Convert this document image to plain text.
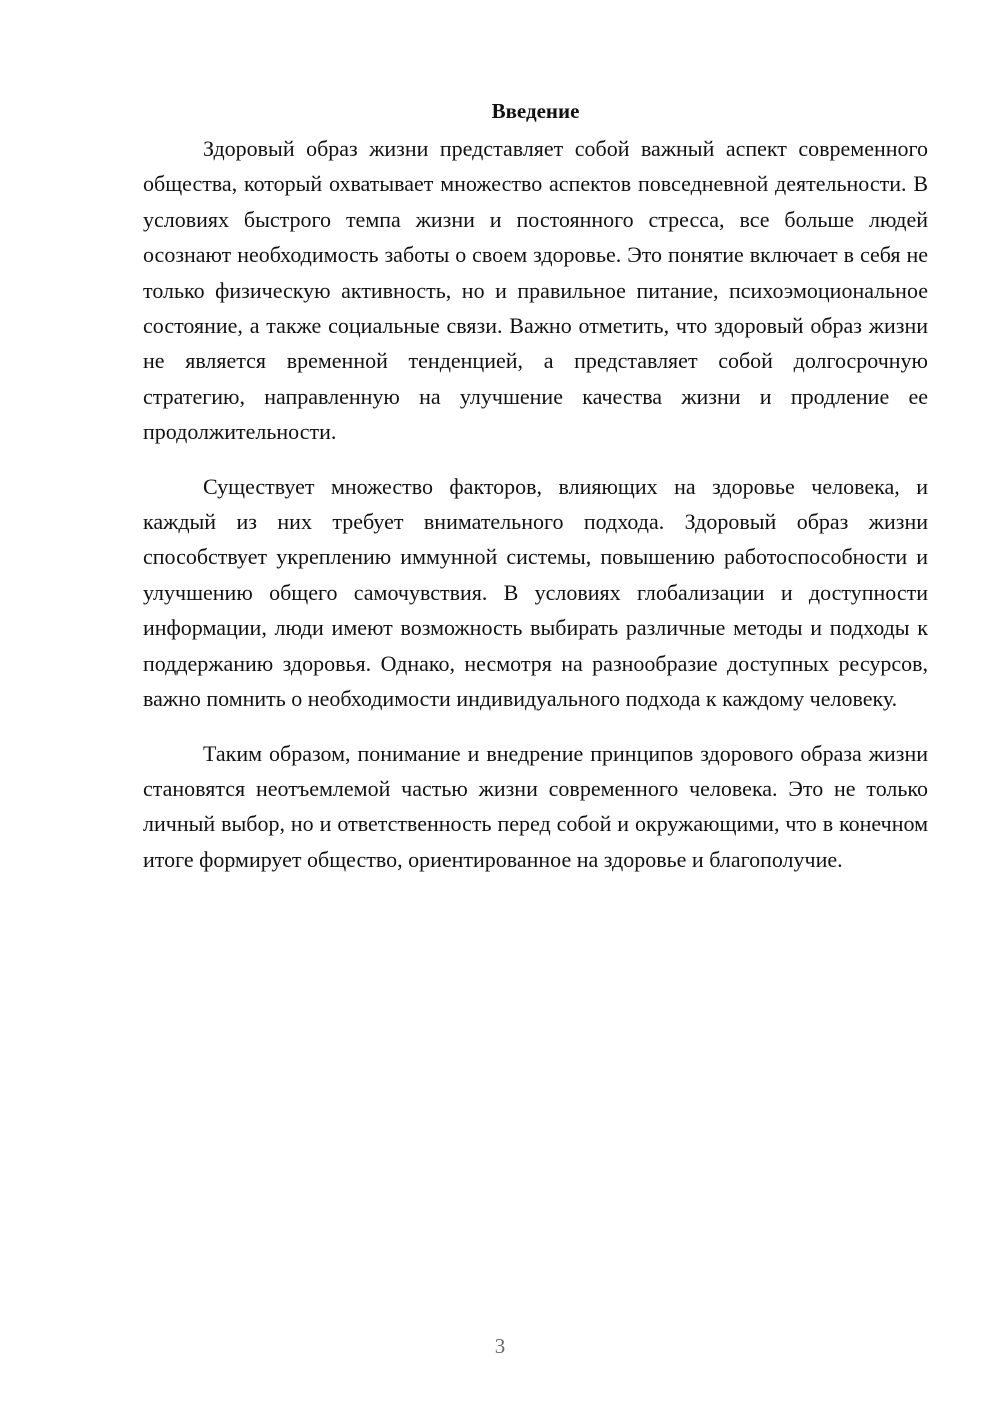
Введение

Здоровый образ жизни представляет собой важный аспект современного общества, который охватывает множество аспектов повседневной деятельности. В условиях быстрого темпа жизни и постоянного стресса, все больше людей осознают необходимость заботы о своем здоровье. Это понятие включает в себя не только физическую активность, но и правильное питание, психоэмоциональное состояние, а также социальные связи. Важно отметить, что здоровый образ жизни не является временной тенденцией, а представляет собой долгосрочную стратегию, направленную на улучшение качества жизни и продление ее продолжительности.

Существует множество факторов, влияющих на здоровье человека, и каждый из них требует внимательного подхода. Здоровый образ жизни способствует укреплению иммунной системы, повышению работоспособности и улучшению общего самочувствия. В условиях глобализации и доступности информации, люди имеют возможность выбирать различные методы и подходы к поддержанию здоровья. Однако, несмотря на разнообразие доступных ресурсов, важно помнить о необходимости индивидуального подхода к каждому человеку.

Таким образом, понимание и внедрение принципов здорового образа жизни становятся неотъемлемой частью жизни современного человека. Это не только личный выбор, но и ответственность перед собой и окружающими, что в конечном итоге формирует общество, ориентированное на здоровье и благополучие.

3
